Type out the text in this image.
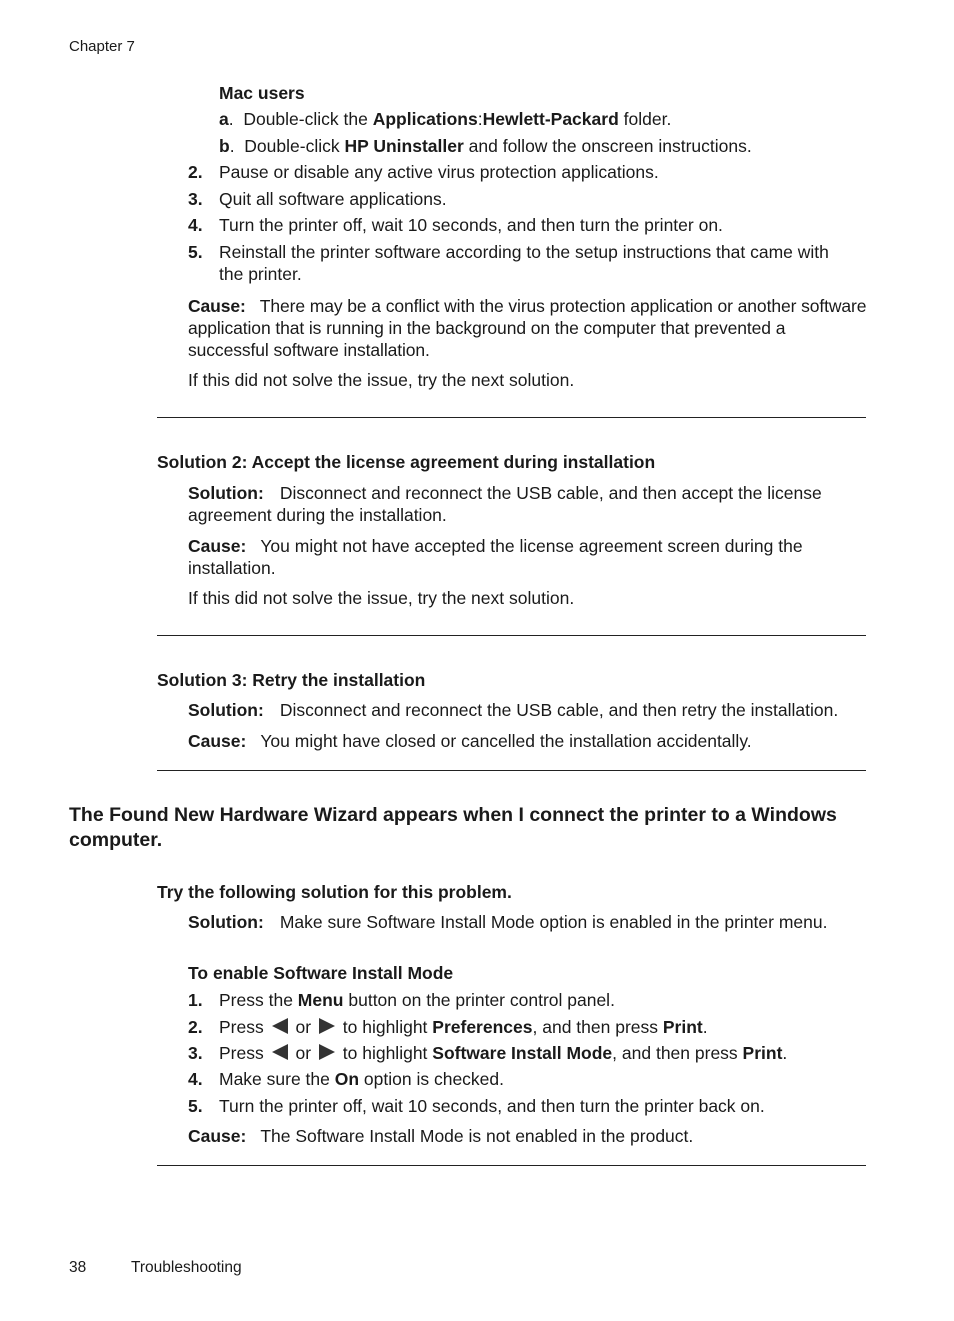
Chapter 7
Mac users
a.  Double-click the Applications:Hewlett-Packard folder.
b.  Double-click HP Uninstaller and follow the onscreen instructions.
2. Pause or disable any active virus protection applications.
3. Quit all software applications.
4. Turn the printer off, wait 10 seconds, and then turn the printer on.
5. Reinstall the printer software according to the setup instructions that came with
the printer.
Cause: There may be a conflict with the virus protection application or another software application that is running in the background on the computer that prevented a successful software installation.
If this did not solve the issue, try the next solution.
Solution 2: Accept the license agreement during installation
Solution: Disconnect and reconnect the USB cable, and then accept the license agreement during the installation.
Cause: You might not have accepted the license agreement screen during the installation.
If this did not solve the issue, try the next solution.
Solution 3: Retry the installation
Solution: Disconnect and reconnect the USB cable, and then retry the installation.
Cause: You might have closed or cancelled the installation accidentally.
The Found New Hardware Wizard appears when I connect the printer to a Windows
computer.
Try the following solution for this problem.
Solution: Make sure Software Install Mode option is enabled in the printer menu.
To enable Software Install Mode
1. Press the Menu button on the printer control panel.
2. Press  or  to highlight Preferences, and then press Print.
3. Press  or  to highlight Software Install Mode, and then press Print.
4. Make sure the On option is checked.
5. Turn the printer off, wait 10 seconds, and then turn the printer back on.
Cause: The Software Install Mode is not enabled in the product.
38	Troubleshooting
